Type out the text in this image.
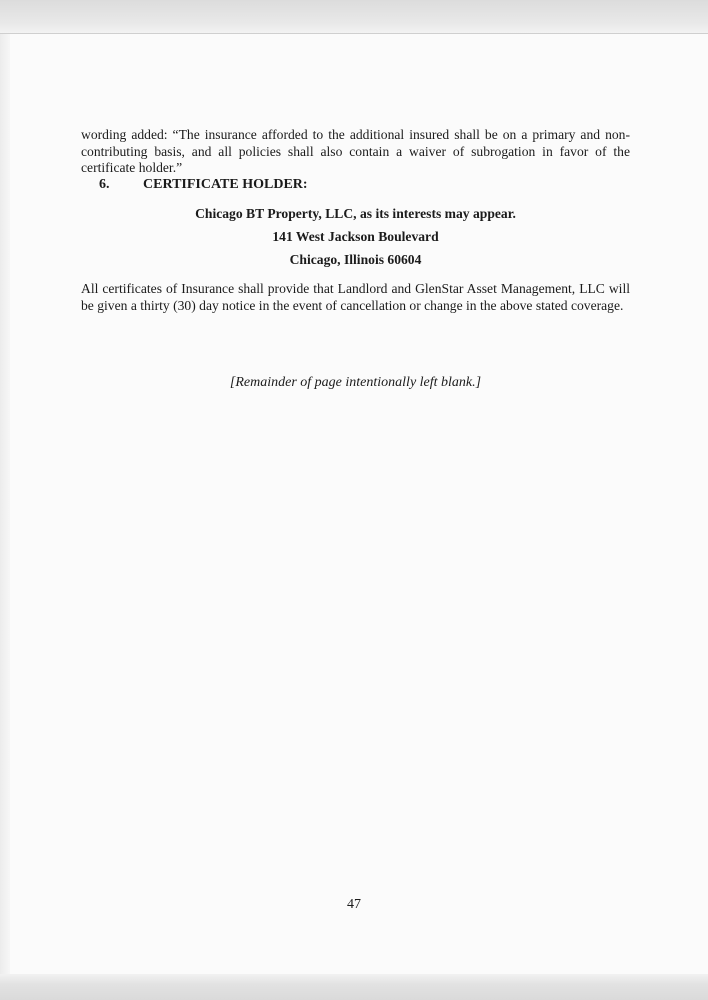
wording added: “The insurance afforded to the additional insured shall be on a primary and non-contributing basis, and all policies shall also contain a waiver of subrogation in favor of the certificate holder.”

6. CERTIFICATE HOLDER:
Chicago BT Property, LLC, as its interests may appear.
141 West Jackson Boulevard
Chicago, Illinois 60604

All certificates of Insurance shall provide that Landlord and GlenStar Asset Management, LLC will be given a thirty (30) day notice in the event of cancellation or change in the above stated coverage.

[Remainder of page intentionally left blank.]
47
